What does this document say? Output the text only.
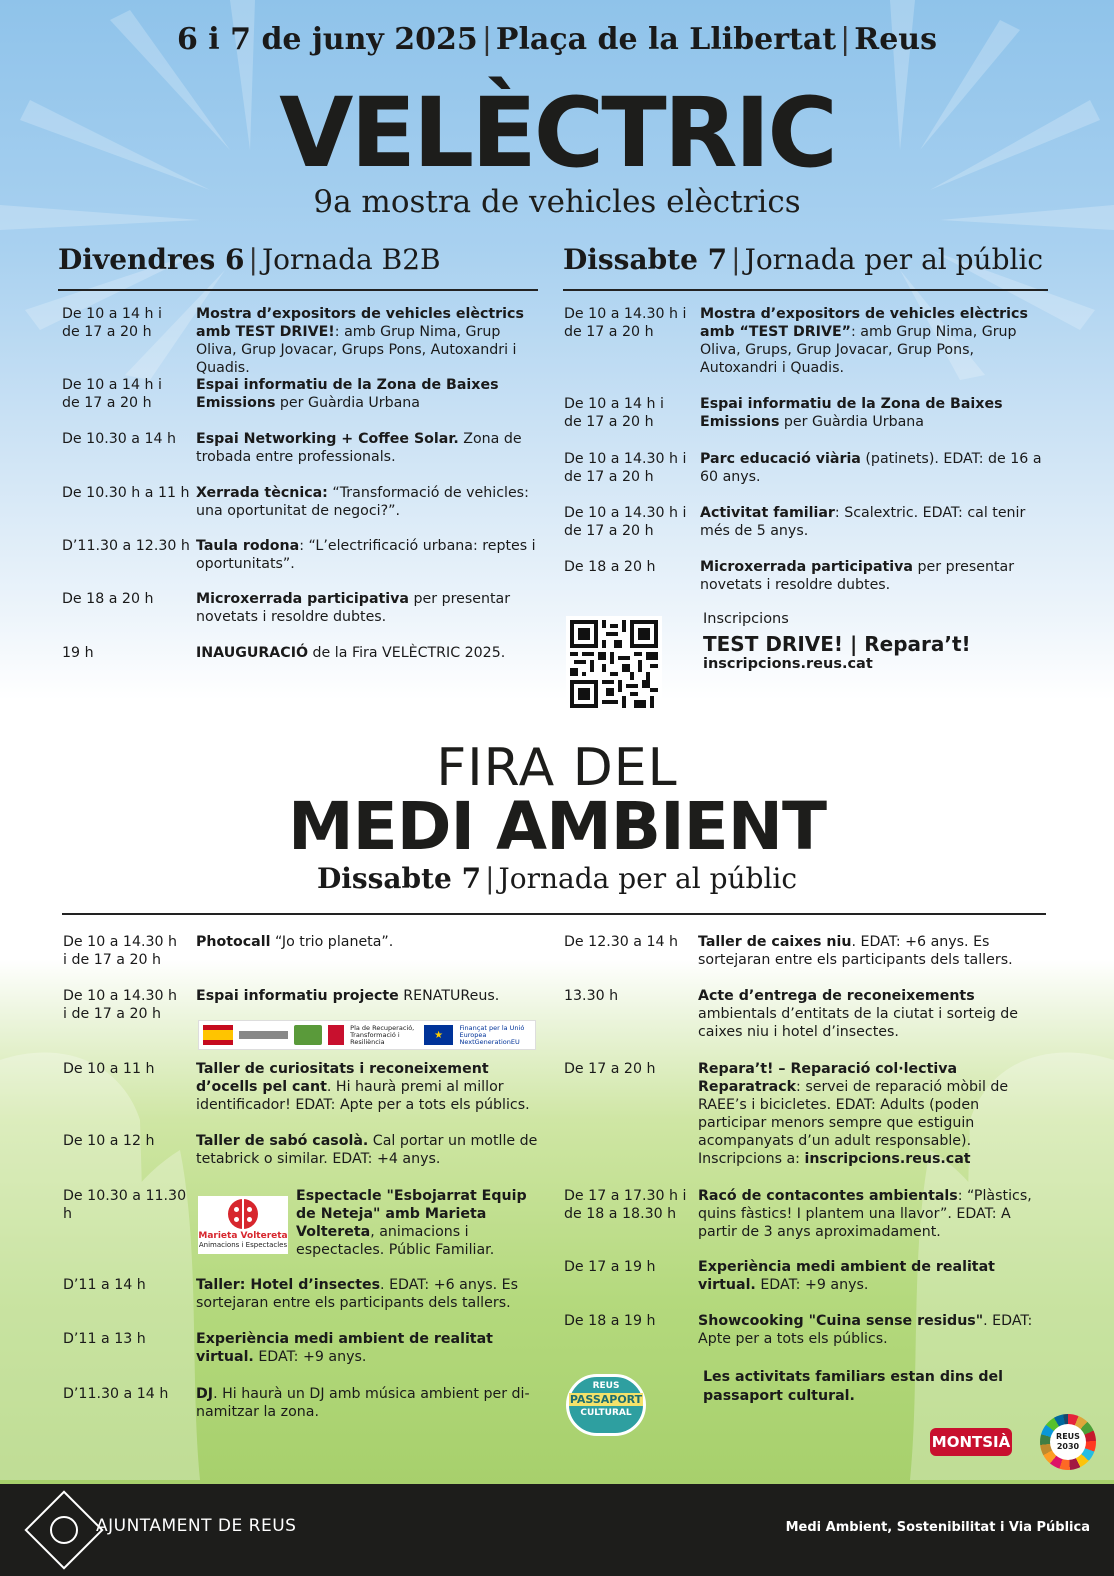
6 i 7 de juny 2025 | Plaça de la Llibertat | Reus
VELÈCTRIC
9a mostra de vehicles elèctrics
Divendres 6 | Jornada B2B
De 10 a 14 h i
de 17 a 20 h
Mostra d’expositors de vehicles elèctrics amb TEST DRIVE!: amb Grup Nima, Grup Oliva, Grup Jovacar, Grups Pons, Autoxandri i Quadis.
De 10 a 14 h i
de 17 a 20 h
Espai informatiu de la Zona de Baixes Emissions per Guàrdia Urbana
De 10.30 a 14 h	Espai Networking + Coffee Solar. Zona de trobada entre professionals.
De 10.30 h a 11 h Xerrada tècnica: “Transformació de vehicles: una oportunitat de negoci?”.
D’11.30 a 12.30 h Taula rodona: “L’electrificació urbana: reptes i oportunitats”.
De 18 a 20 h	Microxerrada participativa per presentar novetats i resoldre dubtes.
19 h	INAUGURACIÓ de la Fira VELÈCTRIC 2025.
Dissabte 7 | Jornada per al públic
De 10 a 14.30 h i
de 17 a 20 h
Mostra d’expositors de vehicles elèctrics amb “TEST DRIVE”: amb Grup Nima, Grup Oliva, Grups, Grup Jovacar, Grup Pons, Autoxandri i Quadis.
De 10 a 14 h i
de 17 a 20 h
Espai informatiu de la Zona de Baixes Emissions per Guàrdia Urbana
De 10 a 14.30 h i
de 17 a 20 h
Parc educació viària (patinets). EDAT: de 16 a 60 anys.
De 10 a 14.30 h i
de 17 a 20 h
Activitat familiar: Scalextric. EDAT: cal tenir més de 5 anys.
De 18 a 20 h	Microxerrada participativa per presentar novetats i resoldre dubtes.
Inscripcions
TEST DRIVE! | Repara’t!
inscripcions.reus.cat
FIRA DEL
MEDI AMBIENT
Dissabte 7 | Jornada per al públic
De 10 a 14.30 h
i de 17 a 20 h
Photocall “Jo trio planeta”.
De 10 a 14.30 h
i de 17 a 20 h
Espai informatiu projecte RENATUReus.
De 10 a 11 h	Taller de curiositats i reconeixement d’ocells pel cant. Hi haurà premi al millor identificador! EDAT: Apte per a tots els públics.
De 10 a 12 h	Taller de sabó casolà. Cal portar un motlle de tetabrick o similar. EDAT: +4 anys.
De 10.30 a 11.30 h
Espectacle "Esbojarrat Equip de Neteja" amb Marieta Voltereta, animacions i espectacles. Públic Familiar.
D’11 a 14 h	Taller: Hotel d’insectes. EDAT: +6 anys. Es sortejaran entre els participants dels tallers.
D’11 a 13 h	Experiència medi ambient de realitat virtual. EDAT: +9 anys.
D’11.30 a 14 h	DJ. Hi haurà un DJ amb música ambient per di-namitzar la zona.
De 12.30 a 14 h	Taller de caixes niu. EDAT: +6 anys. Es sortejaran entre els participants dels tallers.
13.30 h	Acte d’entrega de reconeixements ambientals d’entitats de la ciutat i sorteig de caixes niu i hotel d’insectes.
De 17 a 20 h	Repara’t! – Reparació col·lectiva Reparatrack: servei de reparació mòbil de RAEE’s i bicicletes. EDAT: Adults (poden participar menors sempre que estiguin acompanyats d’un adult responsable). Inscripcions a: inscripcions.reus.cat
De 17 a 17.30 h i
de 18 a 18.30 h
Racó de contacontes ambientals: “Plàstics, quins fàstics! I plantem una llavor”. EDAT: A partir de 3 anys aproximadament.
De 17 a 19 h	Experiència medi ambient de realitat virtual. EDAT: +9 anys.
De 18 a 19 h	Showcooking "Cuina sense residus". EDAT: Apte per a tots els públics.
Pla de Recuperació, Transformació i Resiliència
★
Finançat per la Unió Europea NextGenerationEU
Marieta Voltereta
Animacions i Espectacles
REUS
PASSAPORT
CULTURAL
Les activitats familiars estan dins del passaport cultural.
MONTSIÀ	REUS
2030
AJUNTAMENT DE REUS	Medi Ambient, Sostenibilitat i Via Pública
